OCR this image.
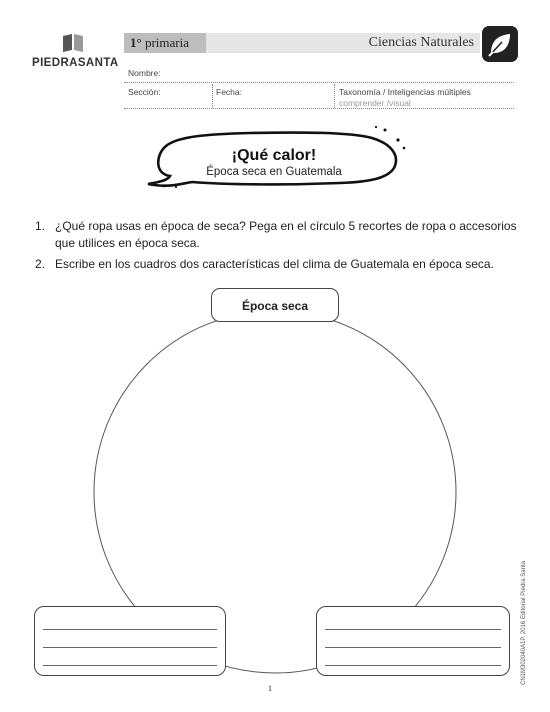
PIEDRASANTA
1° primaria	Ciencias Naturales
Nombre:
Sección:	Fecha:	Taxonomía / Inteligencias múltiples
comprender /visual
¡Qué calor!
Época seca en Guatemala
1. ¿Qué ropa usas en época de seca? Pega en el círculo 5 recortes de ropa o accesorios que utilices en época seca.
2. Escribe en los cuadros dos características del clima de Guatemala en época seca.
Época seca
1
CN1M302040A1P. 2016 Editorial Piedra Santa
